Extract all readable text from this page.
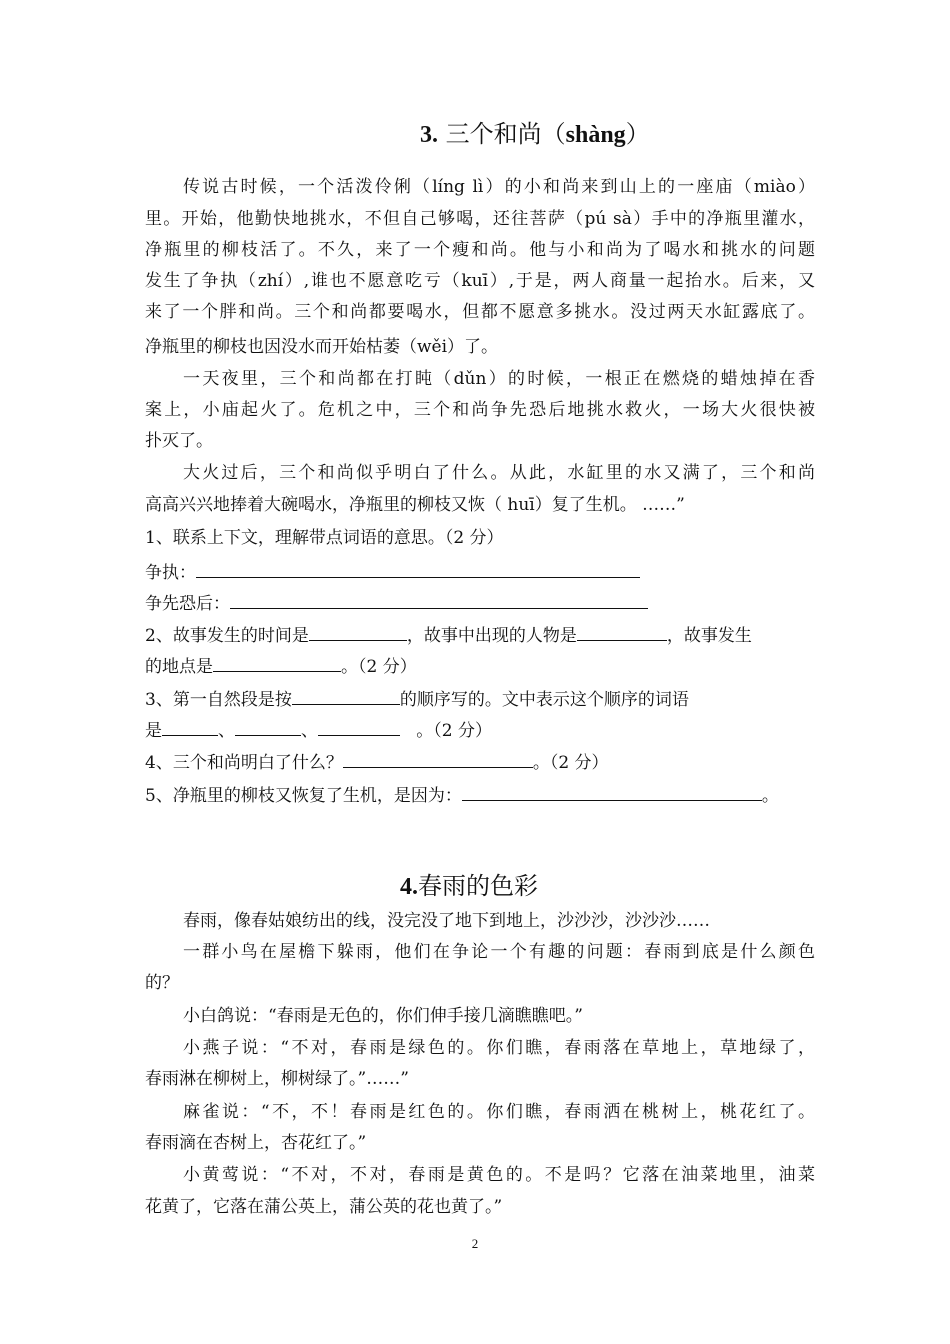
3. 三个和尚（shàng）
传说古时候，一个活泼伶俐（líng lì）的小和尚来到山上的一座庙（miào）
里。开始，他勤快地挑水，不但自己够喝，还往菩萨（pú sà）手中的净瓶里灌水，
净瓶里的柳枝活了。不久，来了一个瘦和尚。他与小和尚为了喝水和挑水的问题
发生了争执（zhí）,谁也不愿意吃亏（kuī）,于是，两人商量一起抬水。后来，又
来了一个胖和尚。三个和尚都要喝水，但都不愿意多挑水。没过两天水缸露底了。
净瓶里的柳枝也因没水而开始枯萎（wěi）了。
一天夜里，三个和尚都在打盹（dǔn）的时候，一根正在燃烧的蜡烛掉在香
案上，小庙起火了。危机之中，三个和尚争先恐后地挑水救火，一场大火很快被
扑灭了。
大火过后，三个和尚似乎明白了什么。从此，水缸里的水又满了，三个和尚
高高兴兴地捧着大碗喝水，净瓶里的柳枝又恢（ huī）复了生机。 ……”
1、联系上下文，理解带点词语的意思。（2 分）
争执：
争先恐后：
2、故事发生的时间是	，故事中出现的人物是	，故事发生
的地点是	。（2 分）
3、第一自然段是按	的顺序写的。文中表示这个顺序的词语
是	、	、	。（2 分）
4、三个和尚明白了什么？	。（2 分）
5、净瓶里的柳枝又恢复了生机，是因为：	。
4.春雨的色彩
春雨，像春姑娘纺出的线，没完没了地下到地上，沙沙沙，沙沙沙……
一群小鸟在屋檐下躲雨，他们在争论一个有趣的问题：春雨到底是什么颜色
的？
小白鸽说：“春雨是无色的，你们伸手接几滴瞧瞧吧。”
小燕子说：“不对，春雨是绿色的。你们瞧，春雨落在草地上，草地绿了，
春雨淋在柳树上，柳树绿了。”……”
麻雀说：“不，不！春雨是红色的。你们瞧，春雨洒在桃树上，桃花红了。
春雨滴在杏树上，杏花红了。”
小黄莺说：“不对，不对，春雨是黄色的。不是吗？它落在油菜地里，油菜
花黄了，它落在蒲公英上，蒲公英的花也黄了。”
2
